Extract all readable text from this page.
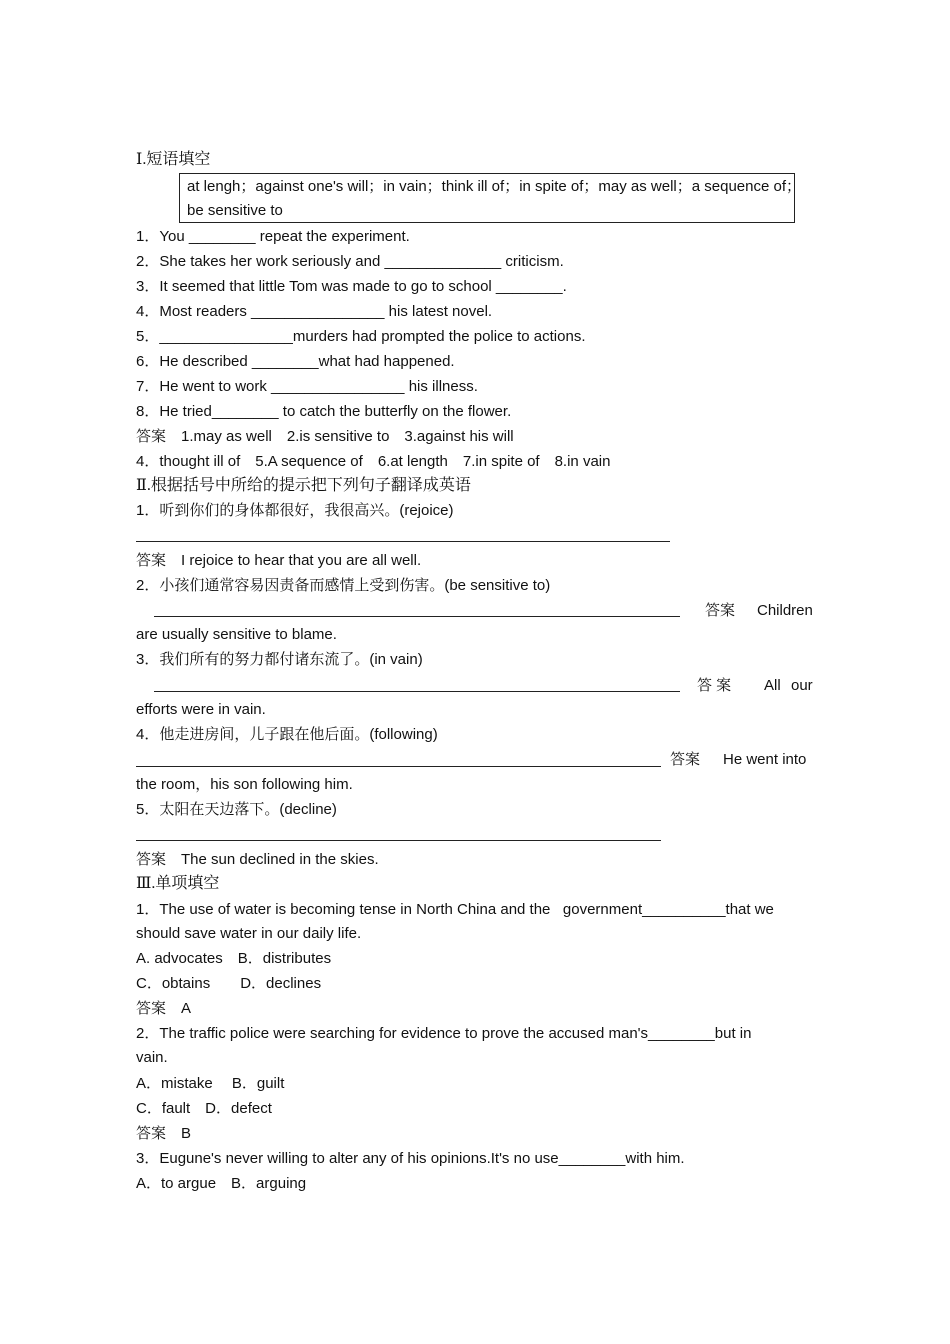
Ⅰ.短语填空
at lengh；against one's will；in vain；think ill of；in spite of；may as well；a sequence of；
be sensitive to
1．You ________ repeat the experiment.
2．She takes her work seriously and ______________ criticism.
3．It seemed that little Tom was made to go to school ________.
4．Most readers ________________ his latest novel.
5．________________murders had prompted the police to actions.
6．He described ________what had happened.
7．He went to work ________________ his illness.
8．He tried________ to catch the butterfly on the flower.
答案　1.may as well　2.is sensitive to　3.against his will
4．thought ill of　5.A sequence of　6.at length　7.in spite of　8.in vain
Ⅱ.根据括号中所给的提示把下列句子翻译成英语
1．听到你们的身体都很好，我很高兴。(rejoice)
答案　I rejoice to hear that you are all well.
2．小孩们通常容易因责备而感情上受到伤害。(be sensitive to)
答案 Children
are usually sensitive to blame.
3．我们所有的努力都付诸东流了。(in vain)
答 案 All our
efforts were in vain.
4．他走进房间，儿子跟在他后面。(following)
答案 He went into
the room，his son following him.
5．太阳在天边落下。(decline)
答案　The sun declined in the skies.
Ⅲ.单项填空
1．The use of water is becoming tense in North China and the   government__________that we
should save water in our daily life.
A. advocates　B．distributes
C．obtains　　D．declines
答案　A
2．The traffic police were searching for evidence to prove the accused man's________but in
vain.
A．mistake　 B．guilt
C．fault　D．defect
答案　B
3．Eugune's never willing to alter any of his opinions.It's no use________with him.
A．to argue　B．arguing
